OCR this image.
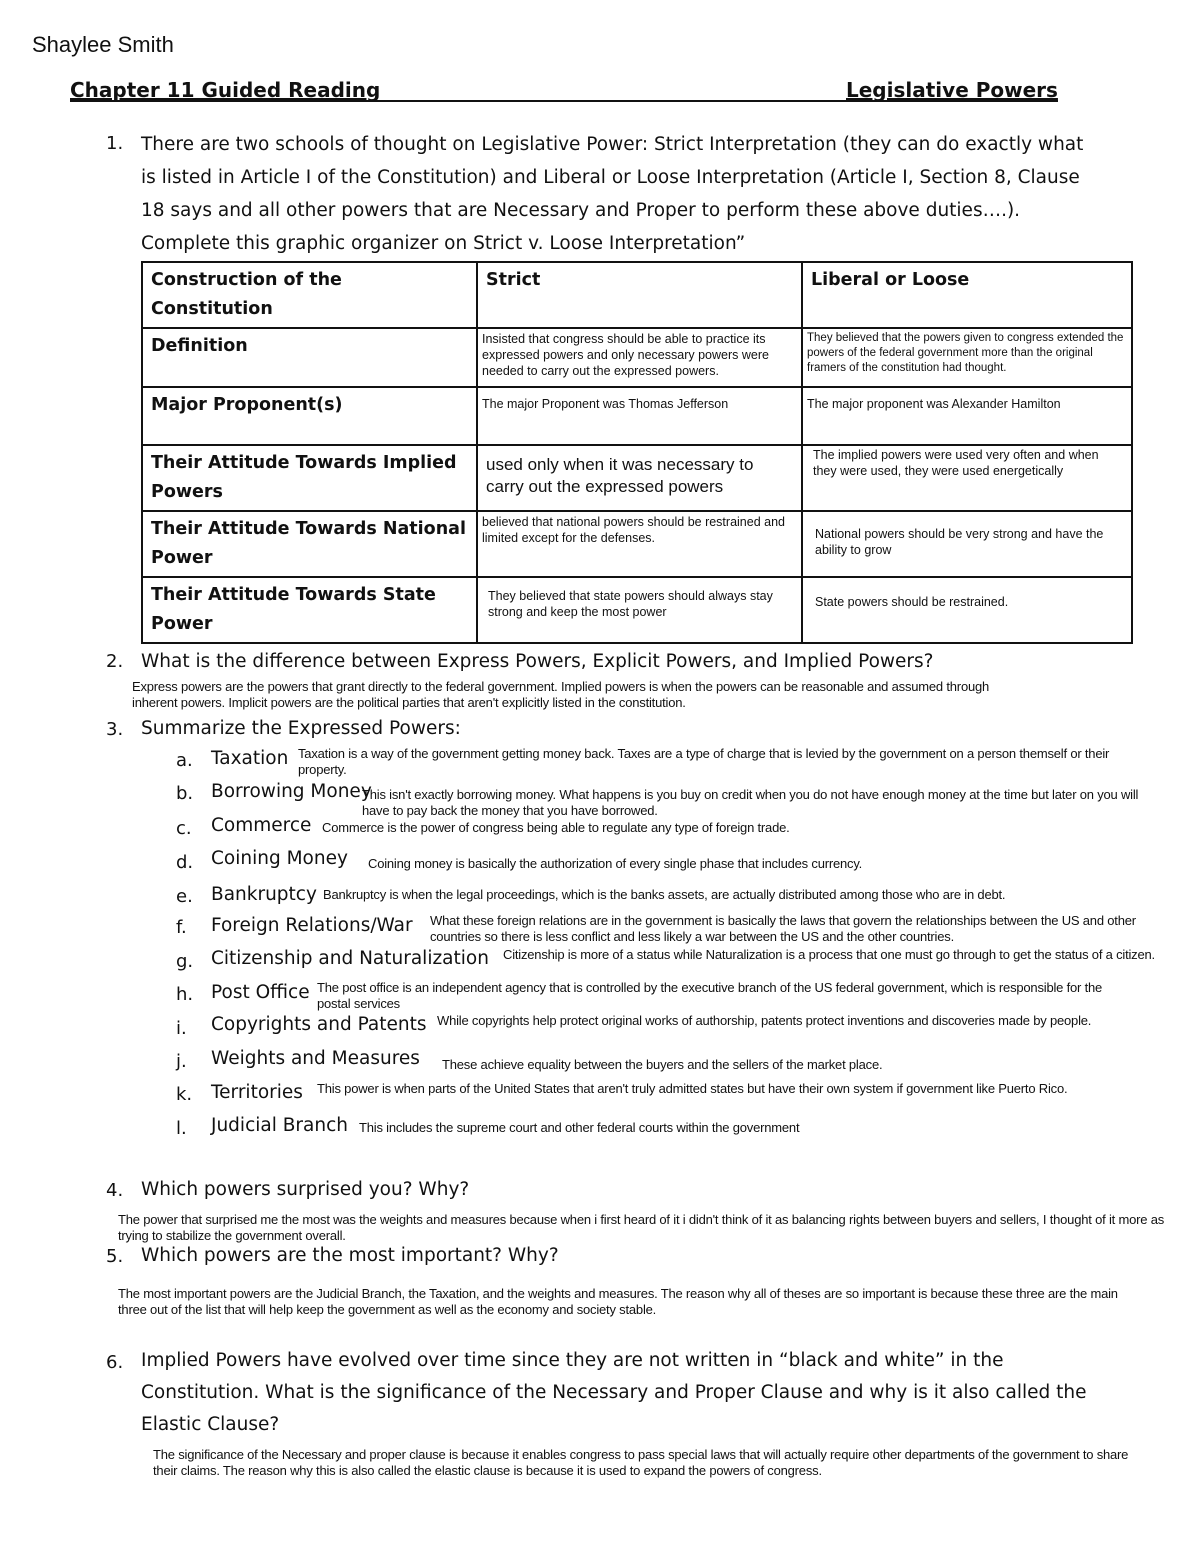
Shaylee Smith
Chapter 11 Guided Reading	Legislative Powers
1. There are two schools of thought on Legislative Power: Strict Interpretation (they can do exactly what
is listed in Article I of the Constitution) and Liberal or Loose Interpretation (Article I, Section 8, Clause
18 says and all other powers that are Necessary and Proper to perform these above duties….).
Complete this graphic organizer on Strict v. Loose Interpretation”
Construction of the Constitution	Strict	Liberal or Loose
Definition	Insisted that congress should be able to practice its expressed powers and only necessary powers were needed to carry out the expressed powers.	They believed that the powers given to congress extended the powers of the federal government more than the original framers of the constitution had thought.
Major Proponent(s)	The major Proponent was Thomas Jefferson	The major proponent was Alexander Hamilton
Their Attitude Towards Implied Powers	used only when it was necessary to carry out the expressed powers	The implied powers were used very often and when they were used, they were used energetically
Their Attitude Towards National Power	believed that national powers should be restrained and limited except for the defenses.	National powers should be very strong and have the ability to grow
Their Attitude Towards State Power	They believed that state powers should always stay strong and keep the most power	State powers should be restrained.
2. What is the difference between Express Powers, Explicit Powers, and Implied Powers?
Express powers are the powers that grant directly to the federal government. Implied powers is when the powers can be reasonable and assumed through inherent powers. Implicit powers are the political parties that aren't explicitly listed in the constitution.
3. Summarize the Expressed Powers:
a. Taxation Taxation is a way of the government getting money back. Taxes are a type of charge that is levied by the government on a person themself or their property.
b. Borrowing Money
This isn't exactly borrowing money. What happens is you buy on credit when you do not have enough money at the time but later on you will have to pay back the money that you have borrowed.
c.	Commerce Commerce is the power of congress being able to regulate any type of foreign trade.
d. Coining Money Coining money is basically the authorization of every single phase that includes currency.
e. Bankruptcy Bankruptcy is when the legal proceedings, which is the banks assets, are actually distributed among those who are in debt.
f.	Foreign Relations/War What these foreign relations are in the government is basically the laws that govern the relationships between the US and other countries so there is less conflict and less likely a war between the US and the other countries.
g. Citizenship and Naturalization Citizenship is more of a status while Naturalization is a process that one must go through to get the status of a citizen.
h. Post Office The post office is an independent agency that is controlled by the executive branch of the US federal government, which is responsible for the postal services
i.	Copyrights and Patents While copyrights help protect original works of authorship, patents protect inventions and discoveries made by people.
j.	Weights and Measures These achieve equality between the buyers and the sellers of the market place.
k.	Territories This power is when parts of the United States that aren't truly admitted states but have their own system if government like Puerto Rico.
l.	Judicial Branch This includes the supreme court and other federal courts within the government
4. Which powers surprised you? Why?
The power that surprised me the most was the weights and measures because when i first heard of it i didn't think of it as balancing rights between buyers and sellers, I thought of it more as trying to stabilize the government overall.
5. Which powers are the most important? Why?
The most important powers are the Judicial Branch, the Taxation, and the weights and measures. The reason why all of theses are so important is because these three are the main three out of the list that will help keep the government as well as the economy and society stable.
6. Implied Powers have evolved over time since they are not written in “black and white” in the
Constitution. What is the significance of the Necessary and Proper Clause and why is it also called the
Elastic Clause?
The significance of the Necessary and proper clause is because it enables congress to pass special laws that will actually require other departments of the government to share their claims. The reason why this is also called the elastic clause is because it is used to expand the powers of congress.
